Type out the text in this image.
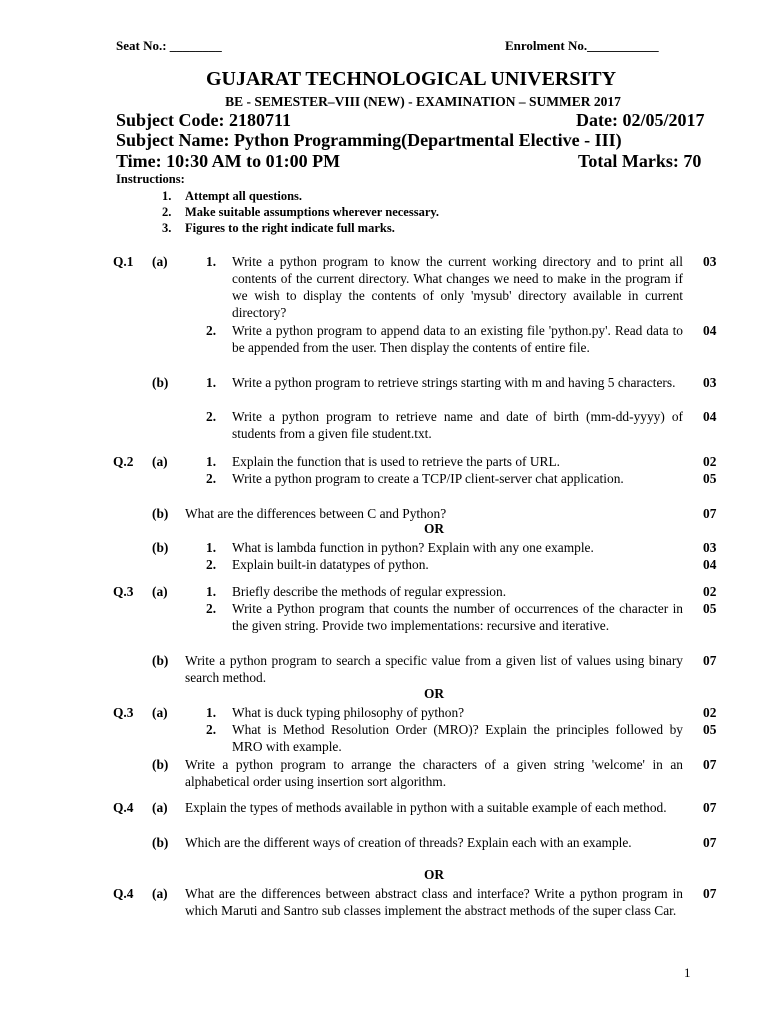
Seat No.: ________	Enrolment No.___________
GUJARAT TECHNOLOGICAL UNIVERSITY
BE - SEMESTER–VIII (NEW) - EXAMINATION – SUMMER 2017
Subject Code: 2180711	Date: 02/05/2017
Subject Name: Python Programming(Departmental Elective - III)
Time: 10:30 AM to 01:00 PM	Total Marks: 70
Instructions:
1. Attempt all questions.
2. Make suitable assumptions wherever necessary.
3. Figures to the right indicate full marks.
Q.1 (a)	1. Write a python program to know the current working directory and to print all contents of the current directory. What changes we need to make in the program if we wish to display the contents of only 'mysub' directory available in current directory?
03
2. Write a python program to append data to an existing file 'python.py'. Read data to be appended from the user. Then display the contents of entire file.
04
(b)	1. Write a python program to retrieve strings starting with m and having 5 characters.	03
2. Write a python program to retrieve name and date of birth (mm-dd-yyyy) of students from a given file student.txt.
04
Q.2 (a)	1. Explain the function that is used to retrieve the parts of URL.	02
2. Write a python program to create a TCP/IP client-server chat application.	05
(b) What are the differences between C and Python?	07
OR
(b)	1. What is lambda function in python? Explain with any one example.	03
2. Explain built-in datatypes of python.	04
Q.3 (a)	1. Briefly describe the methods of regular expression.	02
2. Write a Python program that counts the number of occurrences of the character in the given string. Provide two implementations: recursive and iterative.
05
(b) Write a python program to search a specific value from a given list of values using binary search method.
07
OR
Q.3 (a)	1. What is duck typing philosophy of python?	02
2. What is Method Resolution Order (MRO)? Explain the principles followed by MRO with example.
05
(b) Write a python program to arrange the characters of a given string 'welcome' in an alphabetical order using insertion sort algorithm.
07
Q.4 (a) Explain the types of methods available in python with a suitable example of each method.	07
(b) Which are the different ways of creation of threads? Explain each with an example.	07
OR
Q.4 (a) What are the differences between abstract class and interface? Write a python program in which Maruti and Santro sub classes implement the abstract methods of the super class Car.
07
1
